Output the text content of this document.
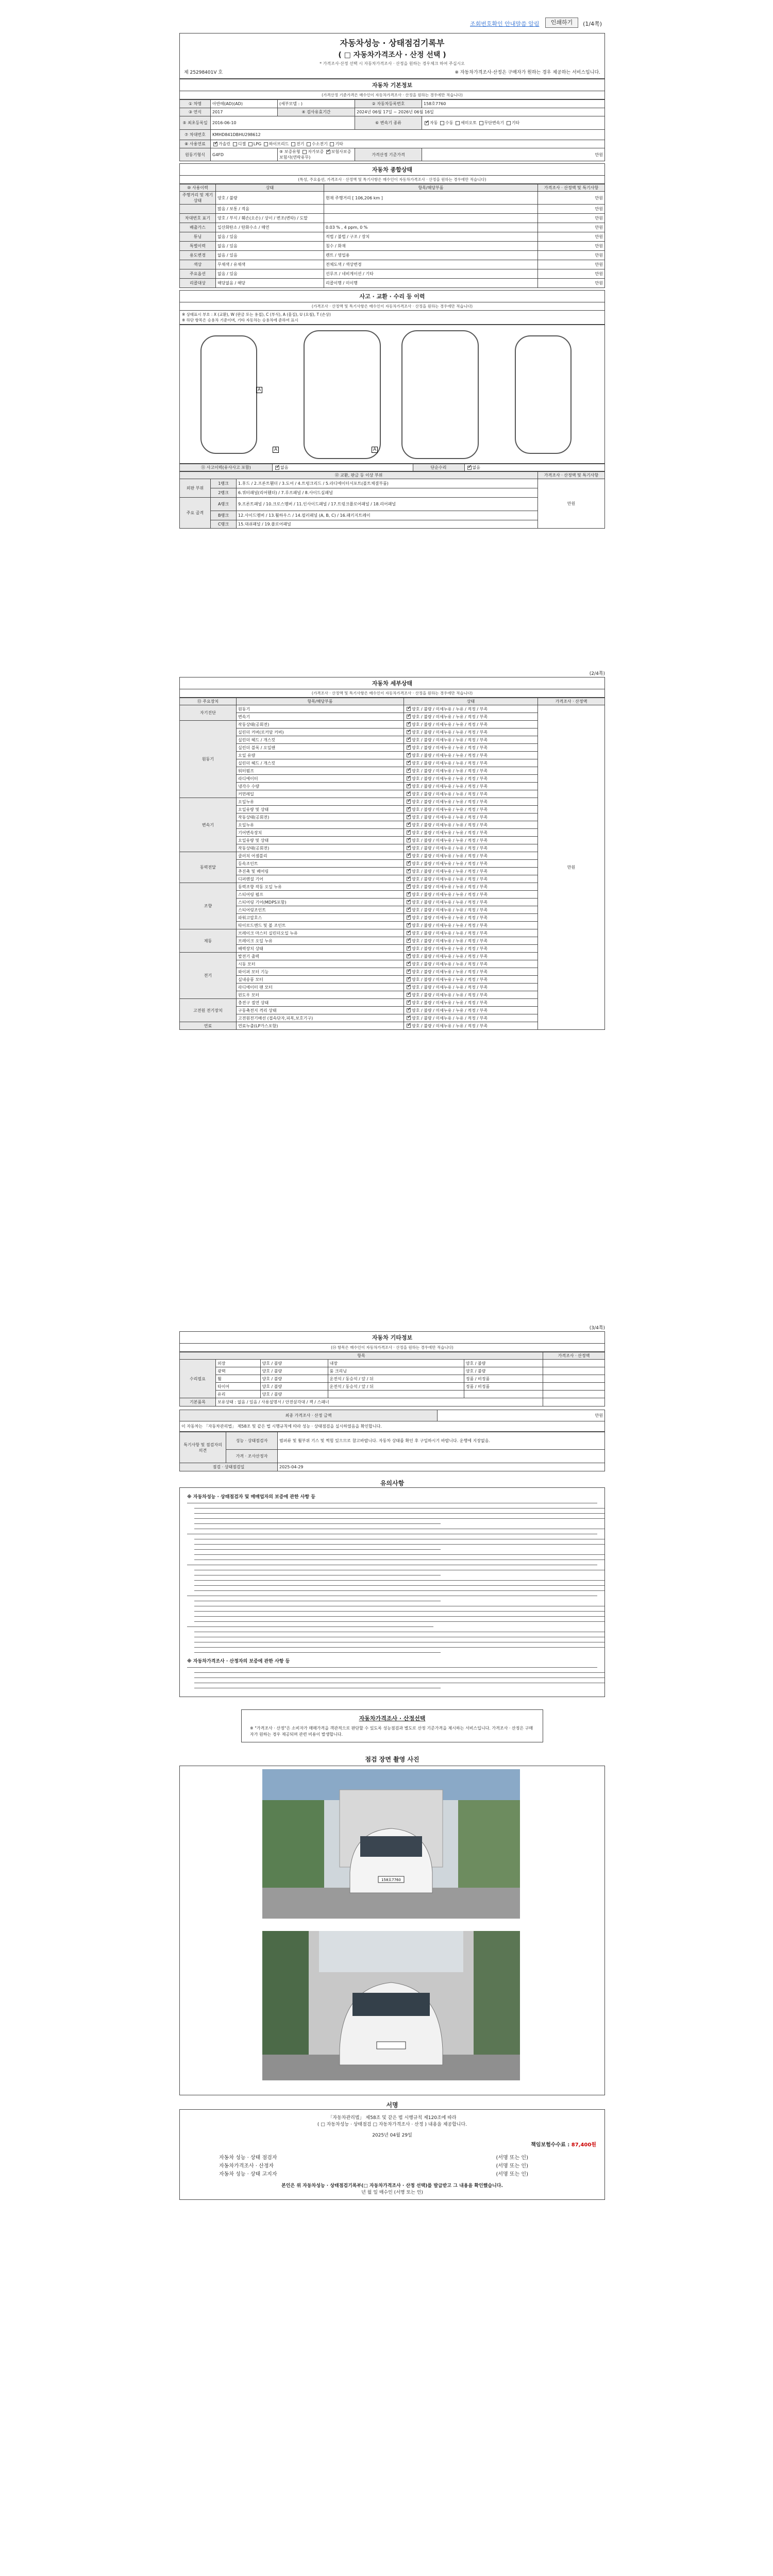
조회번호확인 안내말씀 알림	인쇄하기	(1/4쪽)

자동차성능 · 상태점검기록부

( □ 자동차가격조사 · 산정 선택 )

* 가격조사·산정 선택 시 자동차가격조사 · 산정을 원하는 경우체크 하여 주십시오
제 25298401V 호	※ 자동차가격조사·산정은 구매자가 원하는 경우 제공하는 서비스입니다.
자동차 기본정보
(가격산정 기준가격은 매수인이 자동차가격조사 · 산정을 원하는 경우에만 적습니다)
① 차명	아반떼(AD)(AD)	(세부모델 : )	② 자동차등록번호	158호7760
③ 연식	2017	④ 검사유효기간	2024년 06월 17일 ~ 2026년 06월 16일	
⑤ 최초등록일	2016-06-10		⑥ 변속기 종류	✓자동 수동 세미오토 무단변속기 기타
⑦ 차대번호	KMHD841DBHU298612			
⑧ 사용연료	✓가솔린 디젤 LPG 하이브리드 전기 수소전기 기타
원동기형식	G4FD	⑨ 보증유형 자가보증 ✓ 보험사보증 보험사(연락유무)	가격산정 기준가격	만원
자동차 종합상태
(특성, 주요옵션, 가격조사 · 산정액 및 특기사항은 매수인이 자동차가격조사 · 산정을 원하는 경우에만 적습니다)
⑩ 사용이력	상태	항목/해당부품	가격조사 · 산정액 및 특기사항
주행거리 및 계기상태	양호 / 불량	현재 주행거리 [ 106,206 km ]	만원
	많음 / 보통 / 적음		만원
차대번호 표기	양호 / 부식 / 훼손(오손) / 상이 / 변조(변타) / 도말		만원
배출가스	일산화탄소 / 탄화수소 / 매연	0.03 % , 4 ppm, 0 %	만원
튜닝	없음 / 있음	적법 / 불법 / 구조 / 장치	만원
특별이력	없음 / 있음	침수 / 화재	만원
용도변경	없음 / 있음	렌트 / 영업용	만원
색상	무채색 / 유채색	전체도색 / 색상변경	만원
주요옵션	없음 / 있음	선루프 / 네비게이션 / 기타	만원
리콜대상	해당없음 / 해당	리콜이행 / 미이행	만원
사고 · 교환 · 수리 등 이력
(가격조사 · 산정액 및 특기사항은 매수인이 자동차가격조사 · 산정을 원하는 경우에만 적습니다)
※ 상태표시 부호 : X (교환), W (판금 또는 용접), C (부식), A (흠집), U (요철), T (손상)
※ 하단 항목은 승용차 기준이며, 기타 자동차는 승용차에 준하여 표시
A
A	A
⑪ 사고이력(유사사고 포함)	✓없음	단순수리	✓없음
⑫ 교환, 판금 등 이상 부위			가격조사 · 산정액 및 특기사항
외판 부위	1랭크	1.후드 / 2.프론트휀더 / 3.도어 / 4.트렁크리드 / 5.라디에이터서포트(볼트체결부품)	만원
	2랭크	6.쿼터패널(리어휀더) / 7.루프패널 / 8.사이드실패널	
주요 골격	A랭크	9.프론트패널 / 10.크로스멤버 / 11.인사이드패널 / 17.트렁크플로어패널 / 18.리어패널	
	B랭크	12.사이드멤버 / 13.휠하우스 / 14.필러패널 (A, B, C) / 16.패키지트레이	
	C랭크	15.대쉬패널 / 19.플로어패널	
(2/4쪽)
자동차 세부상태
(가격조사 · 산정액 및 특기사항은 매수인이 자동차가격조사 · 산정을 원하는 경우에만 적습니다)
⑬ 주요장치	항목/해당부품	상태	가격조사 · 산정액
자기진단	원동기	✓양호 / 불량 / 미세누유 / 누유 / 적정 / 부족	만원
	변속기	✓양호 / 불량 / 미세누유 / 누유 / 적정 / 부족
원동기	작동상태(공회전)	✓양호 / 불량 / 미세누유 / 누유 / 적정 / 부족
	실린더 커버(로커암 커버)	✓양호 / 불량 / 미세누유 / 누유 / 적정 / 부족
	실린더 헤드 / 개스킷	✓양호 / 불량 / 미세누유 / 누유 / 적정 / 부족
	실린더 블록 / 오일팬	✓양호 / 불량 / 미세누유 / 누유 / 적정 / 부족
	오일 유량	✓양호 / 불량 / 미세누유 / 누유 / 적정 / 부족
	실린더 헤드 / 개스킷	✓양호 / 불량 / 미세누유 / 누유 / 적정 / 부족
	워터펌프	✓양호 / 불량 / 미세누유 / 누유 / 적정 / 부족
	라디에이터	✓양호 / 불량 / 미세누유 / 누유 / 적정 / 부족
	냉각수 수량	✓양호 / 불량 / 미세누유 / 누유 / 적정 / 부족
	커먼레일	✓양호 / 불량 / 미세누유 / 누유 / 적정 / 부족
변속기	오일누유	✓양호 / 불량 / 미세누유 / 누유 / 적정 / 부족
	오일유량 및 상태	✓양호 / 불량 / 미세누유 / 누유 / 적정 / 부족
	작동상태(공회전)	✓양호 / 불량 / 미세누유 / 누유 / 적정 / 부족
	오일누유	✓양호 / 불량 / 미세누유 / 누유 / 적정 / 부족
	기어변속장치	✓양호 / 불량 / 미세누유 / 누유 / 적정 / 부족
	오일유량 및 상태	✓양호 / 불량 / 미세누유 / 누유 / 적정 / 부족
	작동상태(공회전)	✓양호 / 불량 / 미세누유 / 누유 / 적정 / 부족
동력전달	클러치 어셈블리	✓양호 / 불량 / 미세누유 / 누유 / 적정 / 부족
	등속조인트	✓양호 / 불량 / 미세누유 / 누유 / 적정 / 부족
	추진축 및 베어링	✓양호 / 불량 / 미세누유 / 누유 / 적정 / 부족
	디퍼렌셜 기어	✓양호 / 불량 / 미세누유 / 누유 / 적정 / 부족
조향	동력조향 작동 오일 누유	✓양호 / 불량 / 미세누유 / 누유 / 적정 / 부족
	스티어링 펌프	✓양호 / 불량 / 미세누유 / 누유 / 적정 / 부족
	스티어링 기어(MDPS포함)	✓양호 / 불량 / 미세누유 / 누유 / 적정 / 부족
	스티어링조인트	✓양호 / 불량 / 미세누유 / 누유 / 적정 / 부족
	파워고압호스	✓양호 / 불량 / 미세누유 / 누유 / 적정 / 부족
	타이로드엔드 및 볼 조인트	✓양호 / 불량 / 미세누유 / 누유 / 적정 / 부족
제동	브레이크 마스터 실린더오일 누유	✓양호 / 불량 / 미세누유 / 누유 / 적정 / 부족
	브레이크 오일 누유	✓양호 / 불량 / 미세누유 / 누유 / 적정 / 부족
	배력장치 상태	✓양호 / 불량 / 미세누유 / 누유 / 적정 / 부족
전기	발전기 출력	✓양호 / 불량 / 미세누유 / 누유 / 적정 / 부족
	시동 모터	✓양호 / 불량 / 미세누유 / 누유 / 적정 / 부족
	와이퍼 모터 기능	✓양호 / 불량 / 미세누유 / 누유 / 적정 / 부족
	실내송풍 모터	✓양호 / 불량 / 미세누유 / 누유 / 적정 / 부족
	라디에이터 팬 모터	✓양호 / 불량 / 미세누유 / 누유 / 적정 / 부족
	윈도우 모터	✓양호 / 불량 / 미세누유 / 누유 / 적정 / 부족
고전원 전기장치	충전구 절연 상태	✓양호 / 불량 / 미세누유 / 누유 / 적정 / 부족
	구동축전지 격리 상태	✓양호 / 불량 / 미세누유 / 누유 / 적정 / 부족
	고전원전기배선 (접속단자,피복,보호기구)	✓양호 / 불량 / 미세누유 / 누유 / 적정 / 부족
연료	연료누출(LP가스포함)	✓양호 / 불량 / 미세누유 / 누유 / 적정 / 부족
(3/4쪽)
자동차 기타정보
(⑭ 항목은 매수인이 자동차가격조사 · 산정을 원하는 경우에만 적습니다)
항목					가격조사 · 산정액
수리필요	외장	양호 / 불량	내장	양호 / 불량	
	광택	양호 / 불량	룸 크리닝	양호 / 불량	
	휠	양호 / 불량	운전석 / 동승석 / 앞 / 뒤	정품 / 비정품	
	타이어	양호 / 불량	운전석 / 동승석 / 앞 / 뒤	정품 / 비정품	
	유리	양호 / 불량			
기본품목	보유상태 : 없음 / 있음 / 사용설명서 / 안전삼각대 / 잭 / 스패너				
최종 가격조사 · 산정 금액	만원
이 자동차는 「자동차관리법」 제58조 및 같은 법 시행규칙에 따라 성능 · 상태점검을 실시하였음을 확인합니다.
특기사항 및 점검자의 의견	성능 · 상태점검자	범퍼류 및 휠부위 기스 및 찍힘 있으므로 참고바랍니다. 자동차 상태를 확인 후 구입하시기 바랍니다. 운행에 지장없음.
	가격 · 조사산정자	
점검 · 상태점검일		2025-04-29
유의사항
※ 자동차성능 · 상태점검자 및 매매업자의 보증에 관한 사항 등
※ 자동차가격조사 · 산정자의 보증에 관한 사항 등
자동차가격조사 · 산정선택
※ "가격조사 · 산정"은 소비자가 매매가격을 객관적으로 판단할 수 있도록 성능점검과 별도로 산정 기준가격을 제시하는 서비스입니다. 가격조사 · 산정은 구매자가 원하는 경우 제공되며 관련 비용이 발생합니다.
점검 장면 촬영 사진
158호7760
서명
「자동차관리법」 제58조 및 같은 법 시행규칙 제120조에 따라
( □ 자동차성능 · 상태점검 □ 자동차가격조사 · 산정 ) 내용을 제공합니다.
2025년 04월 29일
책임보험수수료 : 87,400원
자동차 성능 · 상태 점검자	(서명 또는 인)
자동차가격조사 · 산정자	(서명 또는 인)
자동차 성능 · 상태 고지자	(서명 또는 인)
본인은 위 자동차성능 · 상태점검기록부(□ 자동차가격조사 · 산정 선택)를 발급받고 그 내용을 확인했습니다.
년 월 일 매수인 (서명 또는 인)
